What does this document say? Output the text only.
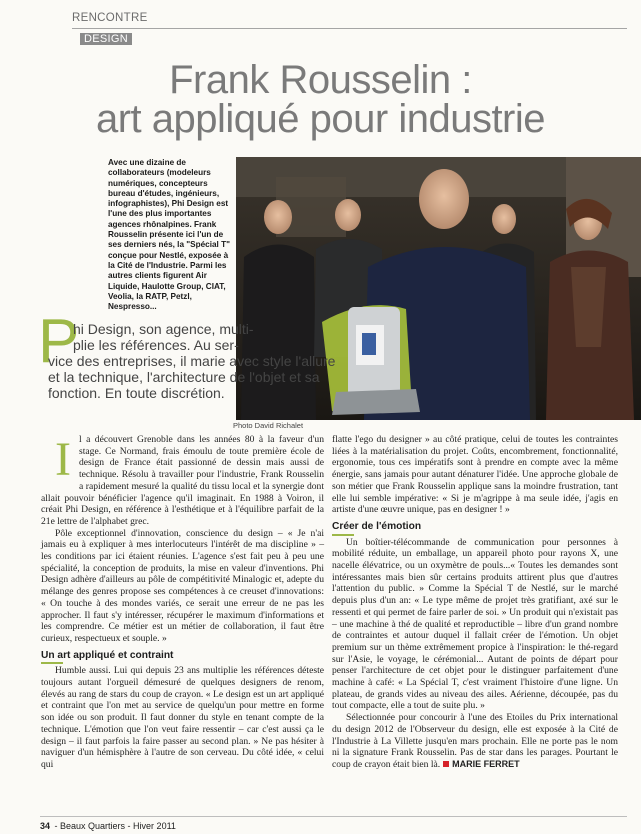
RENCONTRE
DESIGN
Frank Rousselin :
art appliqué pour industrie
Avec une dizaine de collaborateurs (modeleurs numériques, concepteurs bureau d'études, ingénieurs, infographistes), Phi Design est l'une des plus importantes agences rhônalpines. Frank Rousselin présente ici l'un de ses derniers nés, la "Spécial T" conçue pour Nestlé, exposée à la Cité de l'Industrie. Parmi les autres clients figurent Air Liquide, Haulotte Group, CIAT, Veolia, la RATP, Petzl, Nespresso...
Photo David Richalet
P
hi Design, son agence, multi-
plie les références. Au ser-
vice des entreprises, il marie avec style l'allure et la technique, l'architecture de l'objet et sa fonction. En toute discrétion.
I l a découvert Grenoble dans les années 80 à la faveur d'un stage. Ce Normand, frais émoulu de toute première école de design de France était passionné de dessin mais aussi de technique. Résolu à travailler pour l'industrie, Frank Rousselin a rapidement mesuré la qualité du tissu local et la synergie dont allait pouvoir bénéficier l'agence qu'il imaginait. En 1988 à Voiron, il créait Phi Design, en référence à l'esthétique et à l'équilibre parfait de la 21e lettre de l'alphabet grec.

Pôle exceptionnel d'innovation, conscience du design – « Je n'ai jamais eu à expliquer à mes interlocuteurs l'intérêt de ma discipline » – les conditions par ici étaient réunies. L'agence s'est fait peu à peu une spécialité, la conception de produits, la mise en valeur d'inventions. Phi Design adhère d'ailleurs au pôle de compétitivité Minalogic et, adepte du mélange des genres propose ses compétences à ce creuset d'innovations: « On touche à des mondes variés, ce serait une erreur de ne pas les approcher. Il faut s'y intéresser, récupérer le maximum d'informations et les comprendre. Ce métier est un métier de collaboration, il faut être curieux, respectueux et souple. »

Un art appliqué et contraint

Humble aussi. Lui qui depuis 23 ans multiplie les références déteste toujours autant l'orgueil démesuré de quelques designers de renom, élevés au rang de stars du coup de crayon. « Le design est un art appliqué et contraint que l'on met au service de quelqu'un pour mettre en forme son idée ou son produit. Il faut donner du style en tenant compte de la technique. L'émotion que l'on veut faire ressentir – car c'est aussi ça le design – il faut parfois la faire passer au second plan. » Ne pas hésiter à naviguer d'un hémisphère à l'autre de son cerveau. Du côté idée, « celui qui

flatte l'ego du designer » au côté pratique, celui de toutes les contraintes liées à la matérialisation du projet. Coûts, encombrement, fonctionnalité, ergonomie, tous ces impératifs sont à prendre en compte avec la même énergie, sans jamais pour autant dénaturer l'idée. Une approche globale de son métier que Frank Rousselin applique sans la moindre frustration, tant elle lui semble impérative: « Si je m'agrippe à ma seule idée, j'agis en artiste d'une œuvre unique, pas en designer ! »

Créer de l'émotion

Un boîtier-télécommande de communication pour personnes à mobilité réduite, un emballage, un appareil photo pour rayons X, une nacelle élévatrice, ou un oxymètre de pouls...« Toutes les demandes sont intéressantes mais bien sûr certains produits attirent plus que d'autres l'attention du public. » Comme la Spécial T de Nestlé, sur le marché depuis plus d'un an: « Le type même de projet très gratifiant, axé sur le ressenti et qui permet de faire parler de soi. » Un produit qui n'existait pas – une machine à thé de qualité et reproductible – libre d'un grand nombre de contraintes et autour duquel il fallait créer de l'émotion. Un objet premium sur un thème extrêmement propice à l'inspiration: le thé-regard sur l'Asie, le voyage, le cérémonial... Autant de points de départ pour penser l'architecture de cet objet pour le distinguer parfaitement d'une machine à café: « La Spécial T, c'est vraiment l'histoire d'une ligne. Un plateau, de grands vides au niveau des ailes. Aérienne, découpée, pas du tout compacte, elle a tout de suite plu. »

Sélectionnée pour concourir à l'une des Etoiles du Prix international du design 2012 de l'Observeur du design, elle est exposée à la Cité de l'Industrie à La Villette jusqu'en mars prochain. Elle ne porte pas le nom ni la signature Frank Rousselin. Pas de star dans les parages. Pourtant le coup de crayon était bien là. MARIE FERRET

34 - Beaux Quartiers - Hiver 2011
